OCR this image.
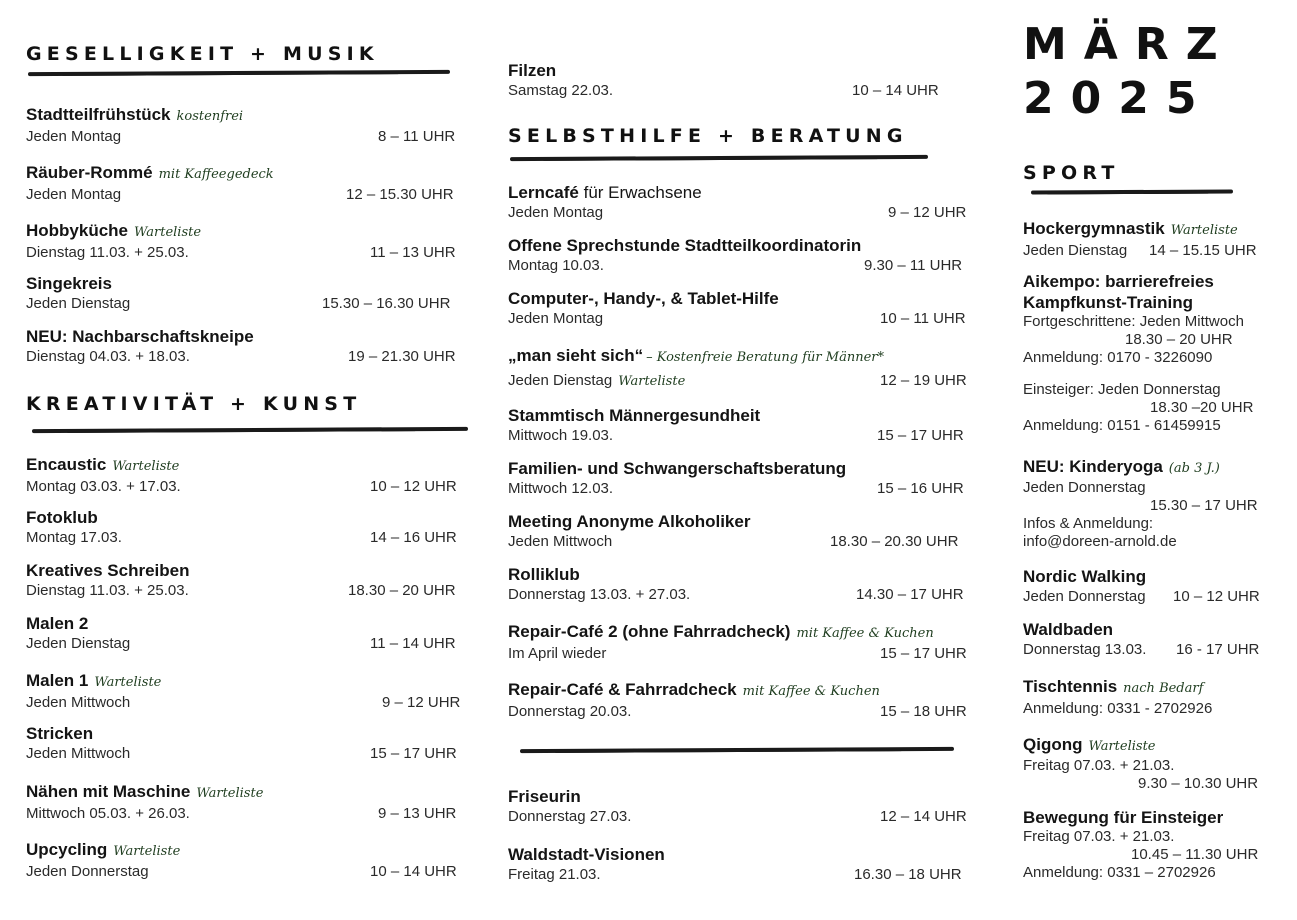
GESELLIGKEIT + MUSIK
Stadtteilfrühstück kostenfrei
Jeden Montag	8 – 11 UHR
Räuber-Rommé mit Kaffeegedeck
Jeden Montag	12 – 15.30 UHR
Hobbyküche Warteliste
Dienstag 11.03. + 25.03.	11 – 13 UHR
Singekreis
Jeden Dienstag	15.30 – 16.30 UHR
NEU: Nachbarschaftskneipe
Dienstag 04.03. + 18.03.	19 – 21.30 UHR
KREATIVITÄT + KUNST
Encaustic Warteliste
Montag 03.03. + 17.03.	10 – 12 UHR
Fotoklub
Montag 17.03.	14 – 16 UHR
Kreatives Schreiben
Dienstag 11.03. + 25.03.	18.30 – 20 UHR
Malen 2
Jeden Dienstag	11 – 14 UHR
Malen 1 Warteliste
Jeden Mittwoch	9 – 12 UHR
Stricken
Jeden Mittwoch	15 – 17 UHR
Nähen mit Maschine Warteliste
Mittwoch 05.03. + 26.03.	9 – 13 UHR
Upcycling Warteliste
Jeden Donnerstag	10 – 14 UHR
Filzen
Samstag 22.03.	10 – 14 UHR
SELBSTHILFE + BERATUNG
Lerncafé für Erwachsene
Jeden Montag	9 – 12 UHR
Offene Sprechstunde Stadtteilkoordinatorin
Montag 10.03.	9.30 – 11 UHR
Computer-, Handy-, & Tablet-Hilfe
Jeden Montag	10 – 11 UHR
„man sieht sich“ – Kostenfreie Beratung für Männer*
Jeden Dienstag Warteliste	12 – 19 UHR
Stammtisch Männergesundheit
Mittwoch 19.03.	15 – 17 UHR
Familien- und Schwangerschaftsberatung
Mittwoch 12.03.	15 – 16 UHR
Meeting Anonyme Alkoholiker
Jeden Mittwoch	18.30 – 20.30 UHR
Rolliklub
Donnerstag 13.03. + 27.03.	14.30 – 17 UHR
Repair-Café 2 (ohne Fahrradcheck) mit Kaffee & Kuchen
Im April wieder	15 – 17 UHR
Repair-Café & Fahrradcheck mit Kaffee & Kuchen
Donnerstag 20.03.	15 – 18 UHR
Friseurin
Donnerstag 27.03.	12 – 14 UHR
Waldstadt-Visionen
Freitag 21.03.	16.30 – 18 UHR
MÄRZ
2025
SPORT
Hockergymnastik Warteliste
Jeden Dienstag 14 – 15.15 UHR
Aikempo: barrierefreies
Kampfkunst-Training
Fortgeschrittene: Jeden Mittwoch
18.30 – 20 UHR
Anmeldung: 0170 - 3226090
Einsteiger: Jeden Donnerstag
18.30 –20 UHR
Anmeldung: 0151 - 61459915
NEU: Kinderyoga (ab 3 J.)
Jeden Donnerstag
15.30 – 17 UHR
Infos & Anmeldung:
info@doreen-arnold.de
Nordic Walking
Jeden Donnerstag 10 – 12 UHR
Waldbaden
Donnerstag 13.03. 16 - 17 UHR
Tischtennis nach Bedarf
Anmeldung: 0331 - 2702926
Qigong Warteliste
Freitag 07.03. + 21.03.
9.30 – 10.30 UHR
Bewegung für Einsteiger
Freitag 07.03. + 21.03.
10.45 – 11.30 UHR
Anmeldung: 0331 – 2702926
